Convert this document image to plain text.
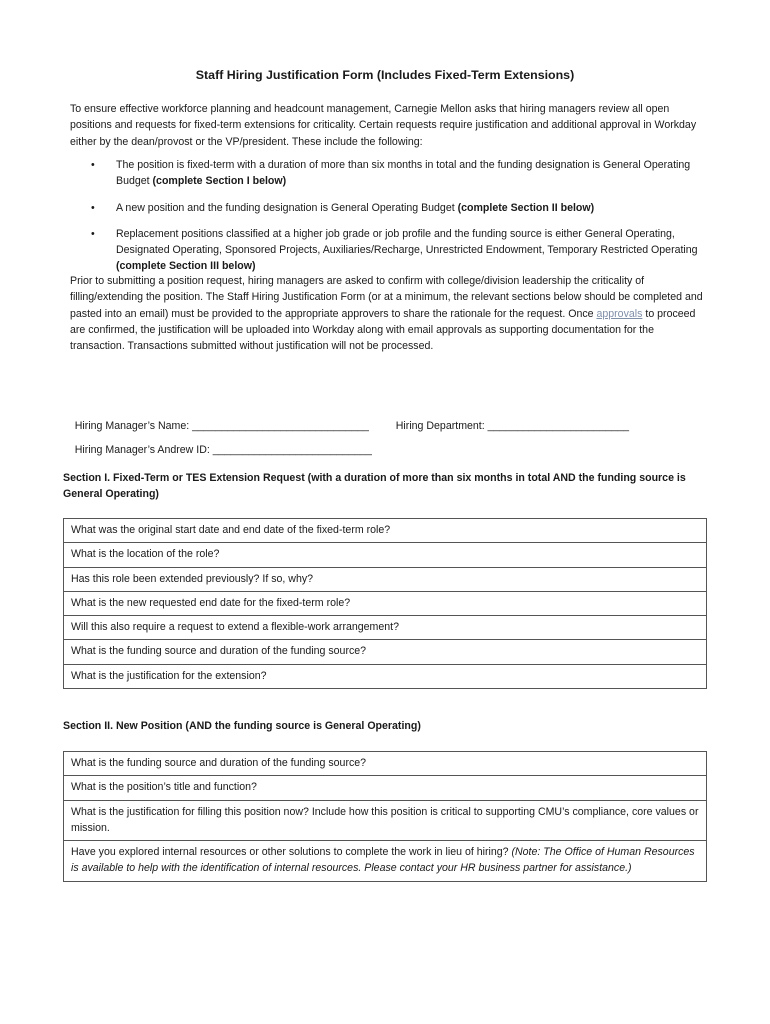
Staff Hiring Justification Form (Includes Fixed-Term Extensions)

To ensure effective workforce planning and headcount management, Carnegie Mellon asks that hiring managers review all open positions and requests for fixed-term extensions for criticality. Certain requests require justification and additional approval in Workday either by the dean/provost or the VP/president. These include the following:

• The position is fixed-term with a duration of more than six months in total and the funding designation is General Operating Budget (complete Section I below)
• A new position and the funding designation is General Operating Budget (complete Section II below)
• Replacement positions classified at a higher job grade or job profile and the funding source is either General Operating, Designated Operating, Sponsored Projects, Auxiliaries/Recharge, Unrestricted Endowment, Temporary Restricted Operating (complete Section III below)

Prior to submitting a position request, hiring managers are asked to confirm with college/division leadership the criticality of filling/extending the position. The Staff Hiring Justification Form (or at a minimum, the relevant sections below should be completed and pasted into an email) must be provided to the appropriate approvers to share the rationale for the request. Once approvals to proceed are confirmed, the justification will be uploaded into Workday along with email approvals as supporting documentation for the transaction. Transactions submitted without justification will not be processed.

Hiring Manager’s Name: ______________________________
	Hiring Department: ________________________

Hiring Manager’s Andrew ID: ___________________________

Section I. Fixed-Term or TES Extension Request (with a duration of more than six months in total AND the funding source is General Operating)
What was the original start date and end date of the fixed-term role?
What is the location of the role?
Has this role been extended previously? If so, why?
What is the new requested end date for the fixed-term role?
Will this also require a request to extend a flexible-work arrangement?
What is the funding source and duration of the funding source?
What is the justification for the extension?
Section II. New Position (AND the funding source is General Operating)
What is the funding source and duration of the funding source?
What is the position’s title and function?
What is the justification for filling this position now? Include how this position is critical to supporting CMU’s compliance, core values or mission.
Have you explored internal resources or other solutions to complete the work in lieu of hiring? (Note: The Office of Human Resources is available to help with the identification of internal resources. Please contact your HR business partner for assistance.)
